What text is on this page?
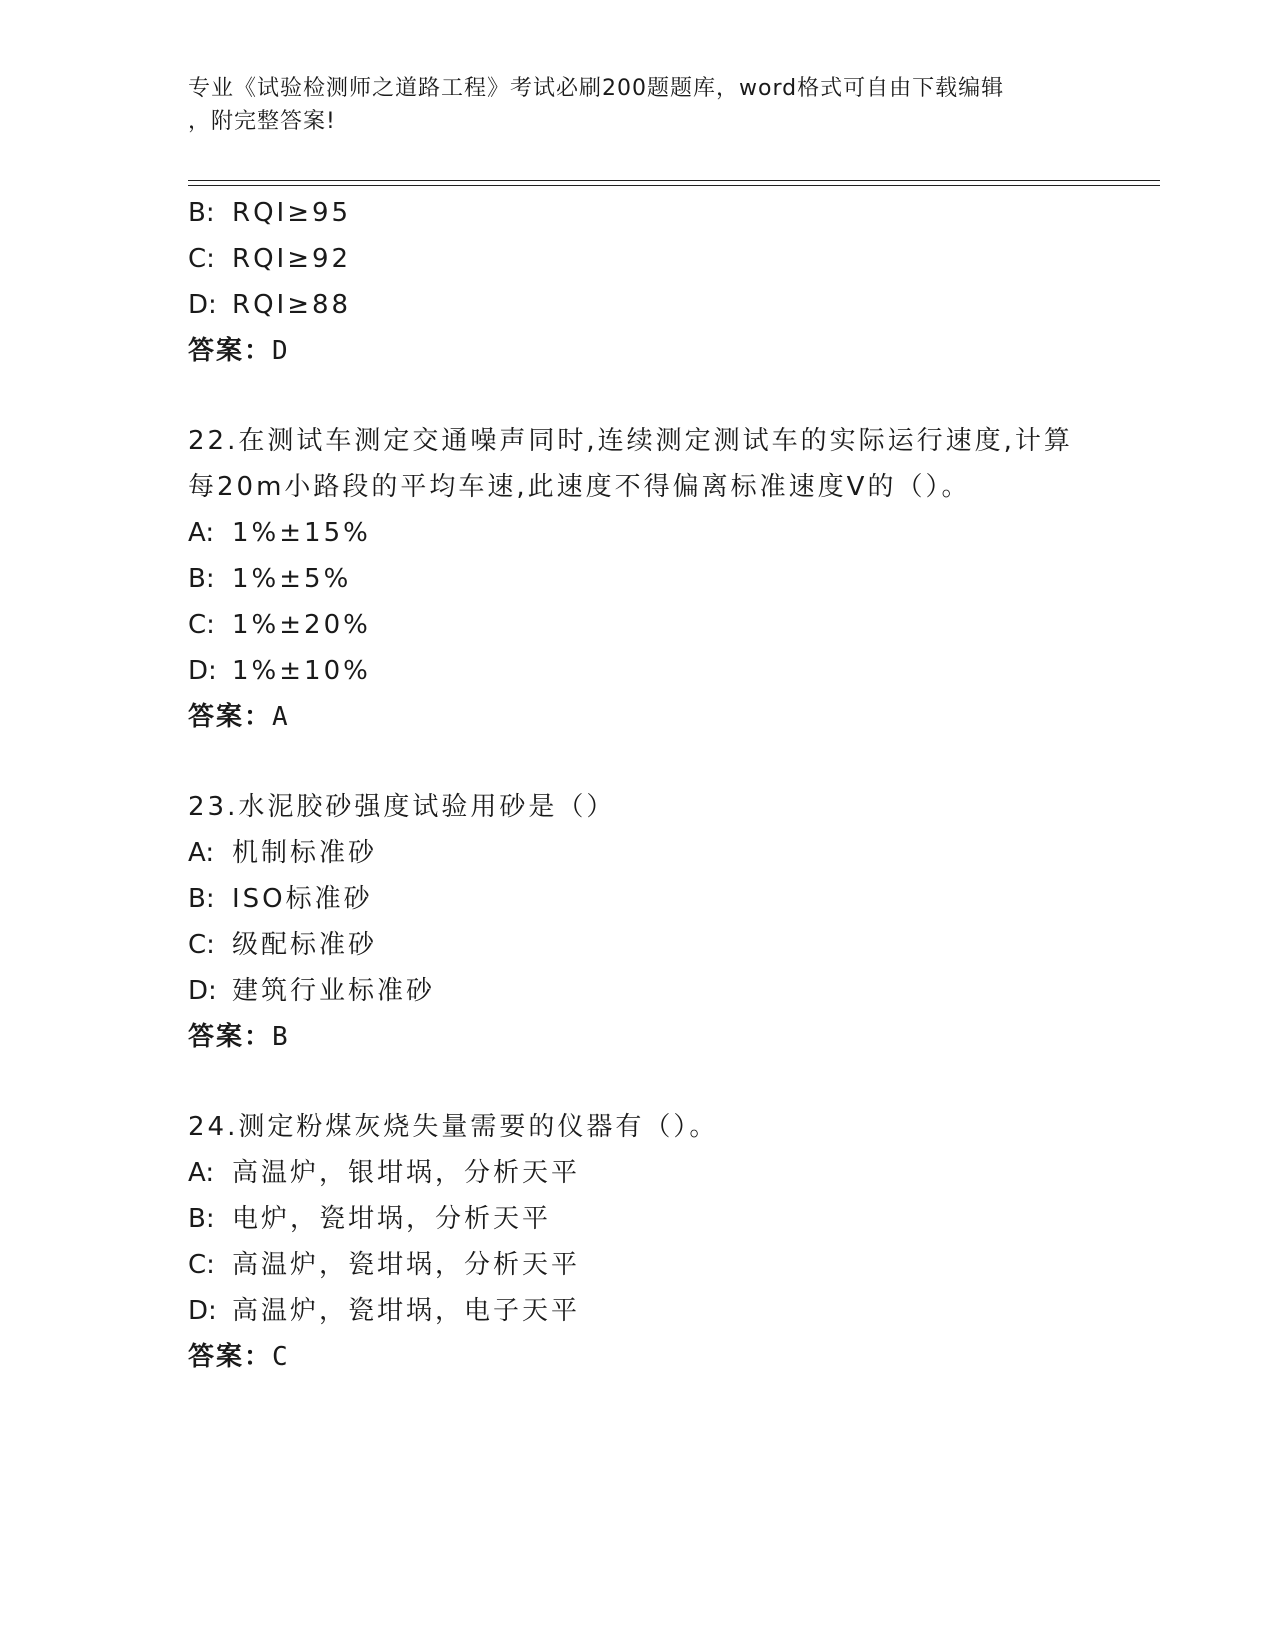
专业《试验检测师之道路工程》考试必刷200题题库，word格式可自由下载编辑
，附完整答案!
B: RQI≥95
C: RQI≥92
D: RQI≥88
答案：D
22.在测试车测定交通噪声同时,连续测定测试车的实际运行速度,计算
每20m小路段的平均车速,此速度不得偏离标准速度V的（）。
A: 1%±15%
B: 1%±5%
C: 1%±20%
D: 1%±10%
答案：A
23.水泥胶砂强度试验用砂是（）
A: 机制标准砂
B: ISO标准砂
C: 级配标准砂
D: 建筑行业标准砂
答案：B
24.测定粉煤灰烧失量需要的仪器有（）。
A: 高温炉，银坩埚，分析天平
B: 电炉，瓷坩埚，分析天平
C: 高温炉，瓷坩埚，分析天平
D: 高温炉，瓷坩埚，电子天平
答案：C
